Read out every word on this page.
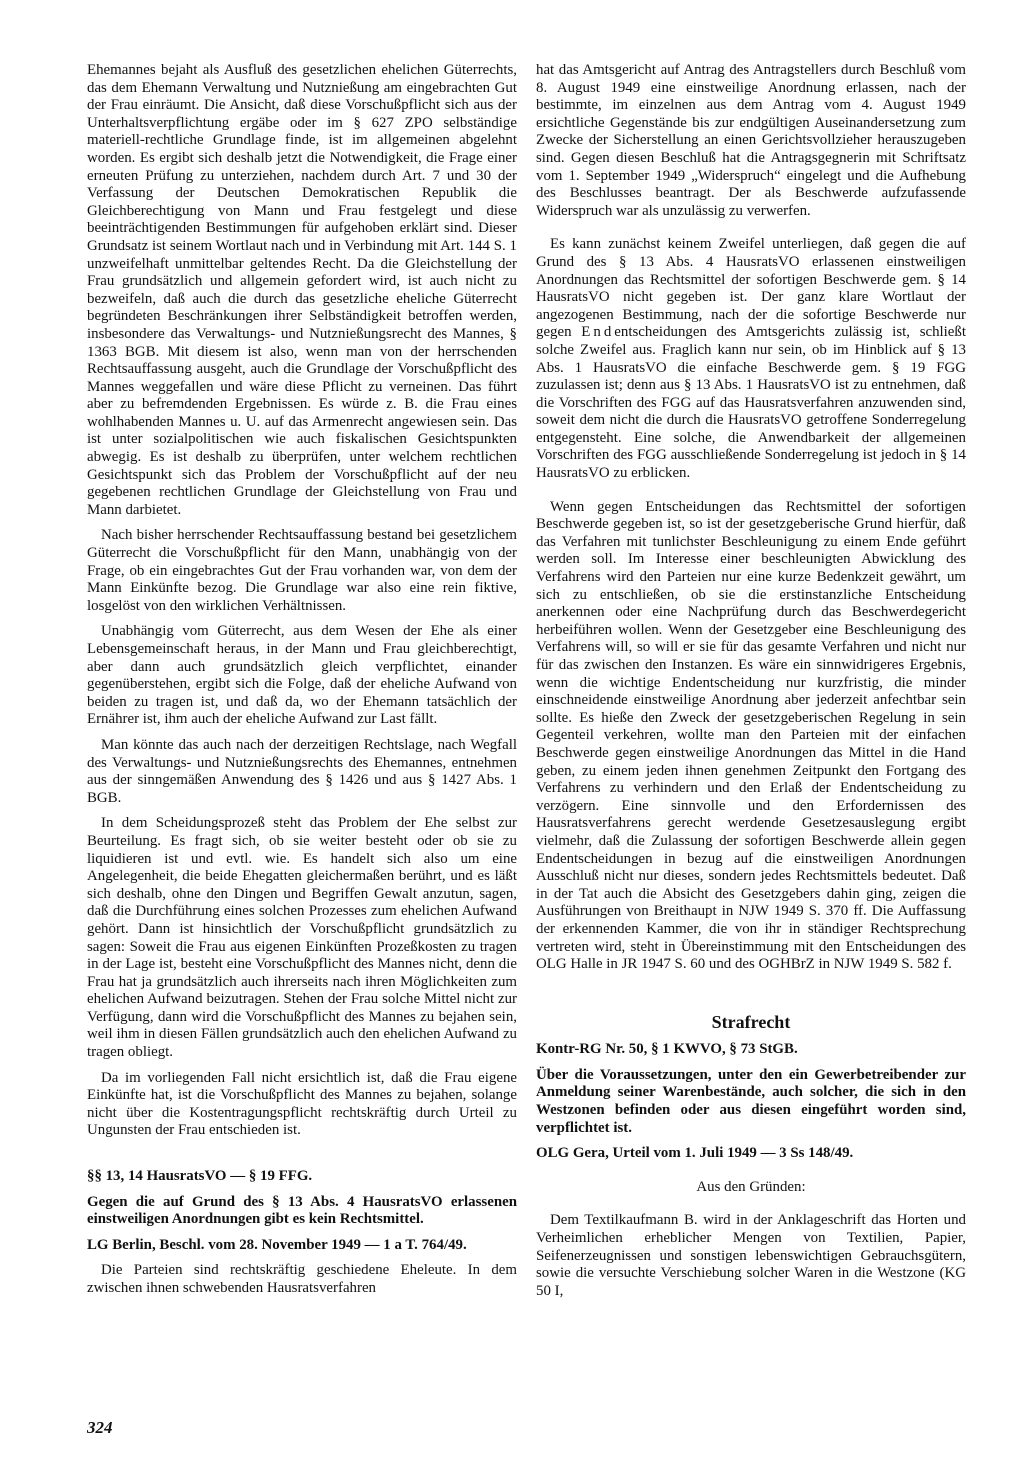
Ehemannes bejaht als Ausfluß des gesetzlichen ehelichen Güterrechts, das dem Ehemann Verwaltung und Nutznießung am eingebrachten Gut der Frau einräumt. Die Ansicht, daß diese Vorschußpflicht sich aus der Unterhaltsverpflichtung ergäbe oder im § 627 ZPO selbständige materiell-rechtliche Grundlage finde, ist im allgemeinen abgelehnt worden. Es ergibt sich deshalb jetzt die Notwendigkeit, die Frage einer erneuten Prüfung zu unterziehen, nachdem durch Art. 7 und 30 der Verfassung der Deutschen Demokratischen Republik die Gleichberechtigung von Mann und Frau festgelegt und diese beeinträchtigenden Bestimmungen für aufgehoben erklärt sind. Dieser Grundsatz ist seinem Wortlaut nach und in Verbindung mit Art. 144 S. 1 unzweifelhaft unmittelbar geltendes Recht. Da die Gleichstellung der Frau grundsätzlich und allgemein gefordert wird, ist auch nicht zu bezweifeln, daß auch die durch das gesetzliche eheliche Güterrecht begründeten Beschränkungen ihrer Selbständigkeit betroffen werden, insbesondere das Verwaltungs- und Nutznießungsrecht des Mannes, § 1363 BGB. Mit diesem ist also, wenn man von der herrschenden Rechtsauffassung ausgeht, auch die Grundlage der Vorschußpflicht des Mannes weggefallen und wäre diese Pflicht zu verneinen. Das führt aber zu befremdenden Ergebnissen. Es würde z. B. die Frau eines wohlhabenden Mannes u. U. auf das Armenrecht angewiesen sein. Das ist unter sozialpolitischen wie auch fiskalischen Gesichtspunkten abwegig. Es ist deshalb zu überprüfen, unter welchem rechtlichen Gesichtspunkt sich das Problem der Vorschußpflicht auf der neu gegebenen rechtlichen Grundlage der Gleichstellung von Frau und Mann darbietet.

Nach bisher herrschender Rechtsauffassung bestand bei gesetzlichem Güterrecht die Vorschußpflicht für den Mann, unabhängig von der Frage, ob ein eingebrachtes Gut der Frau vorhanden war, von dem der Mann Einkünfte bezog. Die Grundlage war also eine rein fiktive, losgelöst von den wirklichen Verhältnissen.

Unabhängig vom Güterrecht, aus dem Wesen der Ehe als einer Lebensgemeinschaft heraus, in der Mann und Frau gleichberechtigt, aber dann auch grundsätzlich gleich verpflichtet, einander gegenüberstehen, ergibt sich die Folge, daß der eheliche Aufwand von beiden zu tragen ist, und daß da, wo der Ehemann tatsächlich der Ernährer ist, ihm auch der eheliche Aufwand zur Last fällt.

Man könnte das auch nach der derzeitigen Rechtslage, nach Wegfall des Verwaltungs- und Nutznießungsrechts des Ehemannes, entnehmen aus der sinngemäßen Anwendung des § 1426 und aus § 1427 Abs. 1 BGB.

In dem Scheidungsprozeß steht das Problem der Ehe selbst zur Beurteilung. Es fragt sich, ob sie weiter besteht oder ob sie zu liquidieren ist und evtl. wie. Es handelt sich also um eine Angelegenheit, die beide Ehegatten gleichermaßen berührt, und es läßt sich deshalb, ohne den Dingen und Begriffen Gewalt anzutun, sagen, daß die Durchführung eines solchen Prozesses zum ehelichen Aufwand gehört. Dann ist hinsichtlich der Vorschußpflicht grundsätzlich zu sagen: Soweit die Frau aus eigenen Einkünften Prozeßkosten zu tragen in der Lage ist, besteht eine Vorschußpflicht des Mannes nicht, denn die Frau hat ja grundsätzlich auch ihrerseits nach ihren Möglichkeiten zum ehelichen Aufwand beizutragen. Stehen der Frau solche Mittel nicht zur Verfügung, dann wird die Vorschußpflicht des Mannes zu bejahen sein, weil ihm in diesen Fällen grundsätzlich auch den ehelichen Aufwand zu tragen obliegt.

Da im vorliegenden Fall nicht ersichtlich ist, daß die Frau eigene Einkünfte hat, ist die Vorschußpflicht des Mannes zu bejahen, solange nicht über die Kostentragungspflicht rechtskräftig durch Urteil zu Ungunsten der Frau entschieden ist.

§§ 13, 14 HausratsVO — § 19 FFG.

Gegen die auf Grund des § 13 Abs. 4 HausratsVO erlassenen einstweiligen Anordnungen gibt es kein Rechtsmittel.

LG Berlin, Beschl. vom 28. November 1949 — 1 a T. 764/49.

Die Parteien sind rechtskräftig geschiedene Eheleute. In dem zwischen ihnen schwebenden Hausratsverfahren

hat das Amtsgericht auf Antrag des Antragstellers durch Beschluß vom 8. August 1949 eine einstweilige Anordnung erlassen, nach der bestimmte, im einzelnen aus dem Antrag vom 4. August 1949 ersichtliche Gegenstände bis zur endgültigen Auseinandersetzung zum Zwecke der Sicherstellung an einen Gerichtsvollzieher herauszugeben sind. Gegen diesen Beschluß hat die Antragsgegnerin mit Schriftsatz vom 1. September 1949 „Widerspruch“ eingelegt und die Aufhebung des Beschlusses beantragt. Der als Beschwerde aufzufassende Widerspruch war als unzulässig zu verwerfen.

Es kann zunächst keinem Zweifel unterliegen, daß gegen die auf Grund des § 13 Abs. 4 HausratsVO erlassenen einstweiligen Anordnungen das Rechtsmittel der sofortigen Beschwerde gem. § 14 HausratsVO nicht gegeben ist. Der ganz klare Wortlaut der angezogenen Bestimmung, nach der die sofortige Beschwerde nur gegen Endentscheidungen des Amtsgerichts zulässig ist, schließt solche Zweifel aus. Fraglich kann nur sein, ob im Hinblick auf § 13 Abs. 1 HausratsVO die einfache Beschwerde gem. § 19 FGG zuzulassen ist; denn aus § 13 Abs. 1 HausratsVO ist zu entnehmen, daß die Vorschriften des FGG auf das Hausratsverfahren anzuwenden sind, soweit dem nicht die durch die HausratsVO getroffene Sonderregelung entgegensteht. Eine solche, die Anwendbarkeit der allgemeinen Vorschriften des FGG ausschließende Sonderregelung ist jedoch in § 14 HausratsVO zu erblicken.

Wenn gegen Entscheidungen das Rechtsmittel der sofortigen Beschwerde gegeben ist, so ist der gesetzgeberische Grund hierfür, daß das Verfahren mit tunlichster Beschleunigung zu einem Ende geführt werden soll. Im Interesse einer beschleunigten Abwicklung des Verfahrens wird den Parteien nur eine kurze Bedenkzeit gewährt, um sich zu entschließen, ob sie die erstinstanzliche Entscheidung anerkennen oder eine Nachprüfung durch das Beschwerdegericht herbeiführen wollen. Wenn der Gesetzgeber eine Beschleunigung des Verfahrens will, so will er sie für das gesamte Verfahren und nicht nur für das zwischen den Instanzen. Es wäre ein sinnwidrigeres Ergebnis, wenn die wichtige Endentscheidung nur kurzfristig, die minder einschneidende einstweilige Anordnung aber jederzeit anfechtbar sein sollte. Es hieße den Zweck der gesetzgeberischen Regelung in sein Gegenteil verkehren, wollte man den Parteien mit der einfachen Beschwerde gegen einstweilige Anordnungen das Mittel in die Hand geben, zu einem jeden ihnen genehmen Zeitpunkt den Fortgang des Verfahrens zu verhindern und den Erlaß der Endentscheidung zu verzögern. Eine sinnvolle und den Erfordernissen des Hausratsverfahrens gerecht werdende Gesetzesauslegung ergibt vielmehr, daß die Zulassung der sofortigen Beschwerde allein gegen Endentscheidungen in bezug auf die einstweiligen Anordnungen Ausschluß nicht nur dieses, sondern jedes Rechtsmittels bedeutet. Daß in der Tat auch die Absicht des Gesetzgebers dahin ging, zeigen die Ausführungen von Breithaupt in NJW 1949 S. 370 ff. Die Auffassung der erkennenden Kammer, die von ihr in ständiger Rechtsprechung vertreten wird, steht in Übereinstimmung mit den Entscheidungen des OLG Halle in JR 1947 S. 60 und des OGHBrZ in NJW 1949 S. 582 f.

Strafrecht

Kontr-RG Nr. 50, § 1 KWVO, § 73 StGB.

Über die Voraussetzungen, unter den ein Gewerbetreibender zur Anmeldung seiner Warenbestände, auch solcher, die sich in den Westzonen befinden oder aus diesen eingeführt worden sind, verpflichtet ist.

OLG Gera, Urteil vom 1. Juli 1949 — 3 Ss 148/49.

Aus den Gründen:

Dem Textilkaufmann B. wird in der Anklageschrift das Horten und Verheimlichen erheblicher Mengen von Textilien, Papier, Seifenerzeugnissen und sonstigen lebenswichtigen Gebrauchsgütern, sowie die versuchte Verschiebung solcher Waren in die Westzone (KG 50 I,

324
